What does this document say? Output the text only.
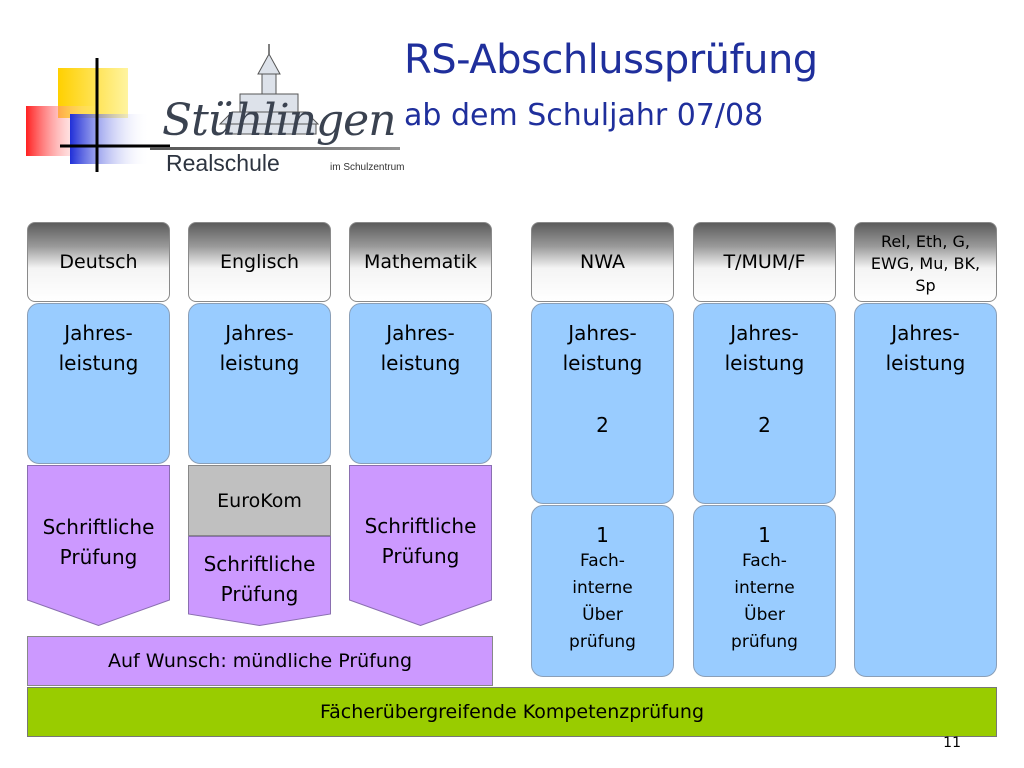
Stühlingen
Realschule	im Schulzentrum
RS-Abschlussprüfung
ab dem Schuljahr 07/08
Deutsch	Englisch	Mathematik	NWA	T/MUM/F
Rel, Eth, G, EWG, Mu, BK, Sp
Jahres-
leistung
Jahres-
leistung
Jahres-
leistung
Jahres-
leistung
2
Jahres-
leistung
2
Jahres-
leistung
1
Fach-
interne
Über
prüfung
1
Fach-
interne
Über
prüfung
Schriftliche
Prüfung
EuroKom
Schriftliche
Prüfung
Schriftliche
Prüfung
Auf Wunsch: mündliche Prüfung
Fächerübergreifende Kompetenzprüfung
11
